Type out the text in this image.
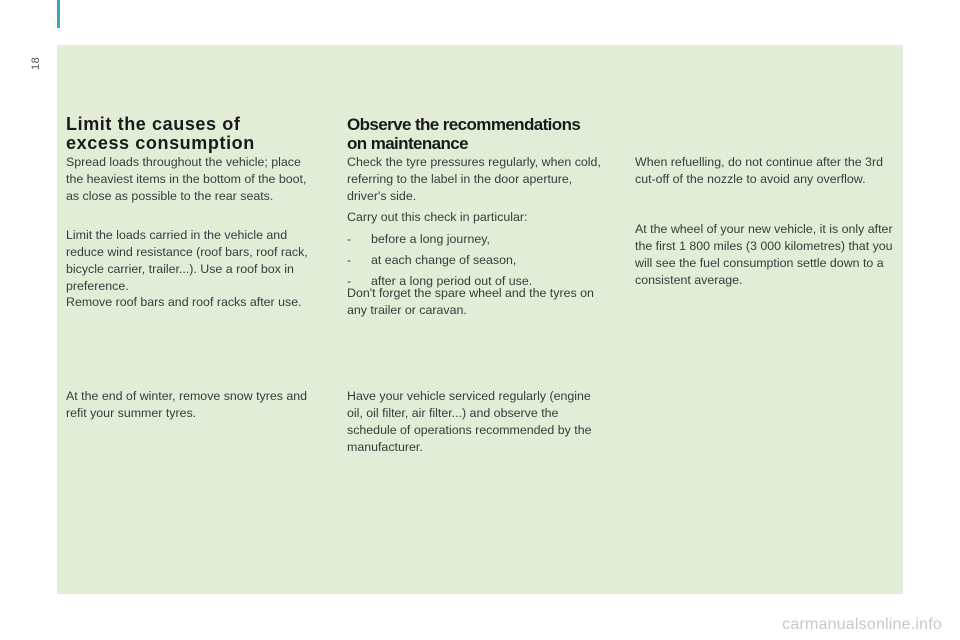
18
Limit the causes of
excess consumption

Spread loads throughout the vehicle; place the heaviest items in the bottom of the boot, as close as possible to the rear seats.

Limit the loads carried in the vehicle and reduce wind resistance (roof bars, roof rack, bicycle carrier, trailer...). Use a roof box in preference.

Remove roof bars and roof racks after use.

At the end of winter, remove snow tyres and refit your summer tyres.

Observe the recommendations
on maintenance

Check the tyre pressures regularly, when cold, referring to the label in the door aperture, driver's side.

Carry out this check in particular:

- before a long journey,
- at each change of season,
- after a long period out of use.

Don't forget the spare wheel and the tyres on any trailer or caravan.

Have your vehicle serviced regularly (engine oil, oil filter, air filter...) and observe the schedule of operations recommended by the manufacturer.

When refuelling, do not continue after the 3rd cut-off of the nozzle to avoid any overflow.

At the wheel of your new vehicle, it is only after the first 1 800 miles (3 000 kilometres) that you will see the fuel consumption settle down to a consistent average.

carmanualsonline.info
